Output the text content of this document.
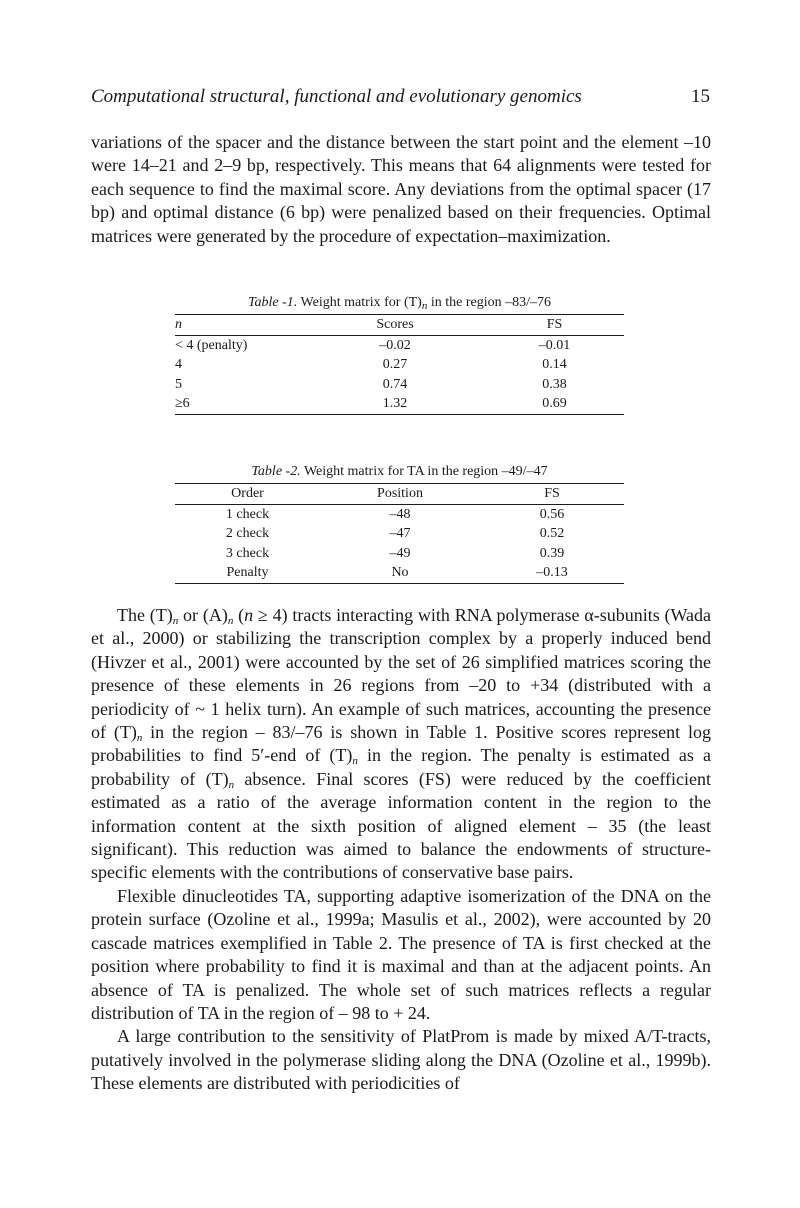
Computational structural, functional and evolutionary genomics	15

variations of the spacer and the distance between the start point and the element –10 were 14–21 and 2–9 bp, respectively. This means that 64 alignments were tested for each sequence to find the maximal score. Any deviations from the optimal spacer (17 bp) and optimal distance (6 bp) were penalized based on their frequencies. Optimal matrices were generated by the procedure of expectation–maximization.

Table -1. Weight matrix for $(T)_n$ in the region –83/–76
n	Scores	FS
< 4 (penalty)	–0.02	–0.01
4	0.27	0.14
5	0.74	0.38
≥6	1.32	0.69
Table -2. Weight matrix for TA in the region –49/–47
Order	Position	FS
1 check	–48	0.56
2 check	–47	0.52
3 check	–49	0.39
Penalty	No	–0.13

The $(T)_n$ or $(A)_n$ (n ≥ 4) tracts interacting with RNA polymerase α-subunits (Wada et al., 2000) or stabilizing the transcription complex by a properly induced bend (Hivzer et al., 2001) were accounted by the set of 26 simplified matrices scoring the presence of these elements in 26 regions from –20 to +34 (distributed with a periodicity of ~ 1 helix turn). An example of such matrices, accounting the presence of $(T)_n$ in the region – 83/–76 is shown in Table 1. Positive scores represent log probabilities to find 5′-end of $(T)_n$ in the region. The penalty is estimated as a probability of $(T)_n$ absence. Final scores (FS) were reduced by the coefficient estimated as a ratio of the average information content in the region to the information content at the sixth position of aligned element – 35 (the least significant). This reduction was aimed to balance the endowments of structure-specific elements with the contributions of conservative base pairs.

Flexible dinucleotides TA, supporting adaptive isomerization of the DNA on the protein surface (Ozoline et al., 1999a; Masulis et al., 2002), were accounted by 20 cascade matrices exemplified in Table 2. The presence of TA is first checked at the position where probability to find it is maximal and than at the adjacent points. An absence of TA is penalized. The whole set of such matrices reflects a regular distribution of TA in the region of – 98 to + 24.

A large contribution to the sensitivity of PlatProm is made by mixed A/T-tracts, putatively involved in the polymerase sliding along the DNA (Ozoline et al., 1999b). These elements are distributed with periodicities of
